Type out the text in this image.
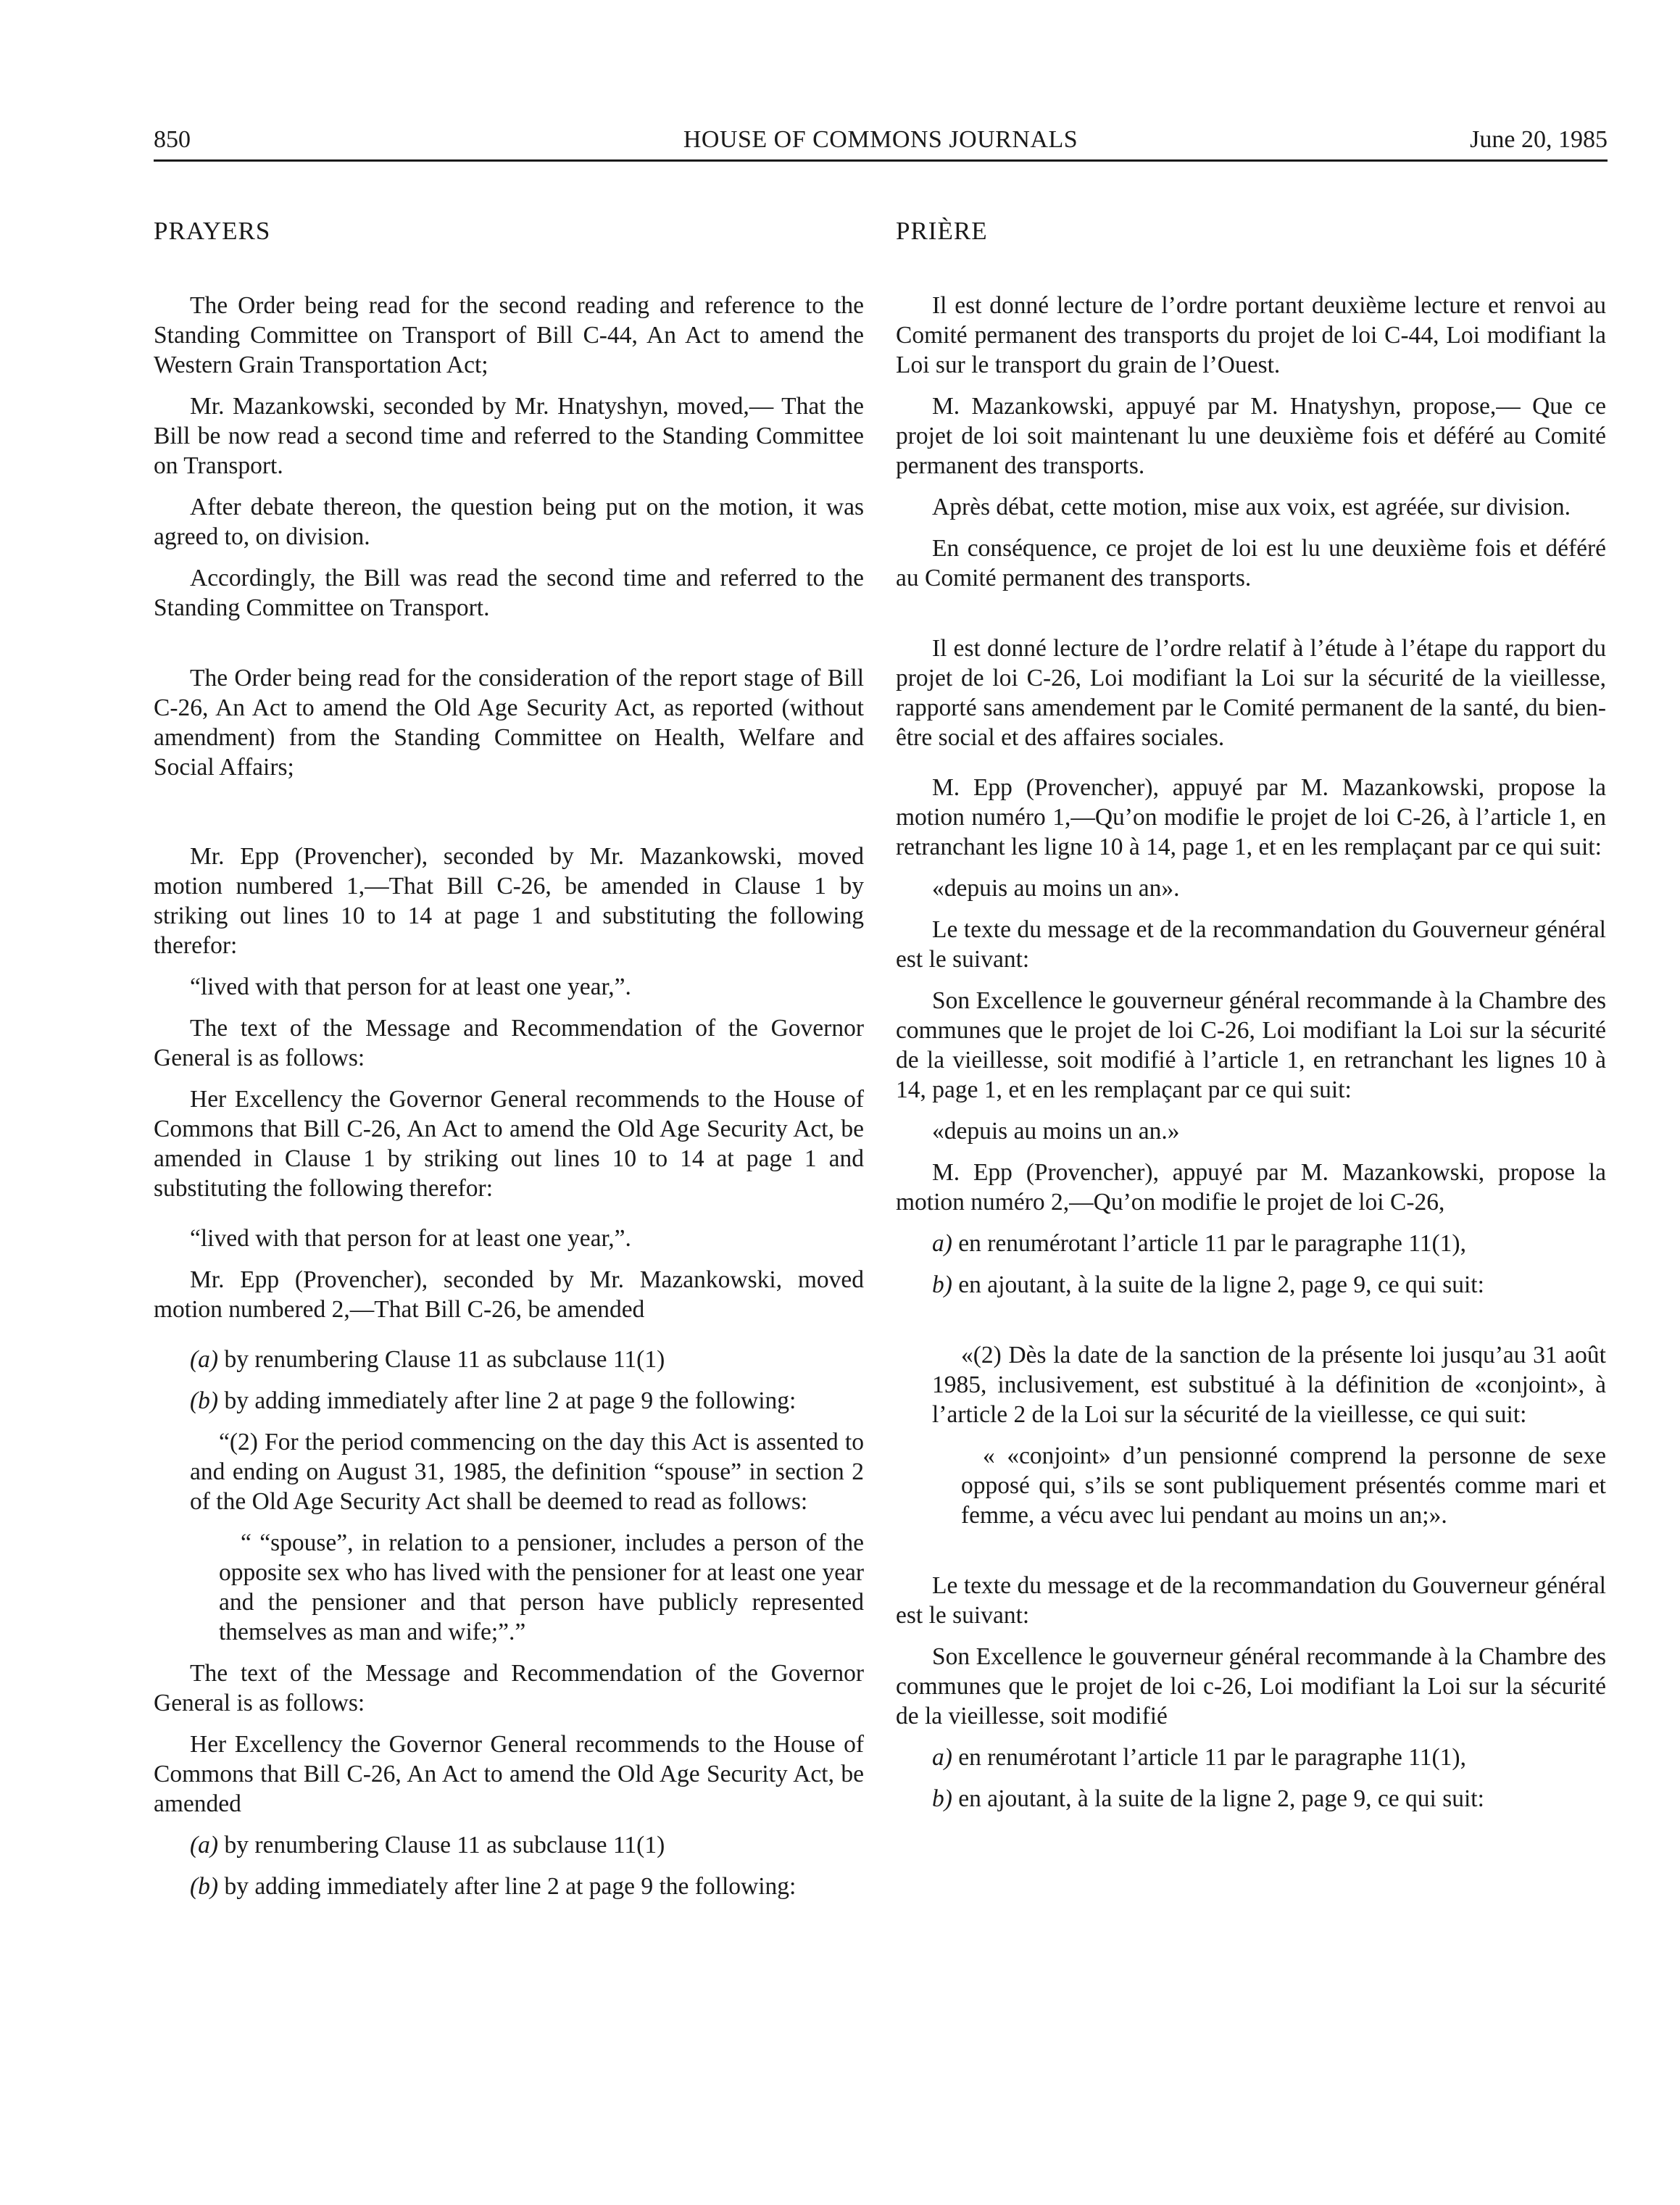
850	HOUSE OF COMMONS JOURNALS	June 20, 1985
PRAYERS

The Order being read for the second reading and reference to the Standing Committee on Transport of Bill C-44, An Act to amend the Western Grain Transportation Act;

Mr. Mazankowski, seconded by Mr. Hnatyshyn, moved,— That the Bill be now read a second time and referred to the Standing Committee on Transport.

After debate thereon, the question being put on the motion, it was agreed to, on division.

Accordingly, the Bill was read the second time and referred to the Standing Committee on Transport.

The Order being read for the consideration of the report stage of Bill C-26, An Act to amend the Old Age Security Act, as reported (without amendment) from the Standing Committee on Health, Welfare and Social Affairs;

Mr. Epp (Provencher), seconded by Mr. Mazankowski, moved motion numbered 1,—That Bill C-26, be amended in Clause 1 by striking out lines 10 to 14 at page 1 and substituting the following therefor:

“lived with that person for at least one year,”.

The text of the Message and Recommendation of the Governor General is as follows:

Her Excellency the Governor General recommends to the House of Commons that Bill C-26, An Act to amend the Old Age Security Act, be amended in Clause 1 by striking out lines 10 to 14 at page 1 and substituting the following therefor:

“lived with that person for at least one year,”.

Mr. Epp (Provencher), seconded by Mr. Mazankowski, moved motion numbered 2,—That Bill C-26, be amended

(a) by renumbering Clause 11 as subclause 11(1)

(b) by adding immediately after line 2 at page 9 the following:

“(2) For the period commencing on the day this Act is assented to and ending on August 31, 1985, the definition “spouse” in section 2 of the Old Age Security Act shall be deemed to read as follows:

“ “spouse”, in relation to a pensioner, includes a person of the opposite sex who has lived with the pensioner for at least one year and the pensioner and that person have publicly represented themselves as man and wife;”.”

The text of the Message and Recommendation of the Governor General is as follows:

Her Excellency the Governor General recommends to the House of Commons that Bill C-26, An Act to amend the Old Age Security Act, be amended

(a) by renumbering Clause 11 as subclause 11(1)

(b) by adding immediately after line 2 at page 9 the following:

PRIÈRE

Il est donné lecture de l’ordre portant deuxième lecture et renvoi au Comité permanent des transports du projet de loi C-44, Loi modifiant la Loi sur le transport du grain de l’Ouest.

M. Mazankowski, appuyé par M. Hnatyshyn, propose,— Que ce projet de loi soit maintenant lu une deuxième fois et déféré au Comité permanent des transports.

Après débat, cette motion, mise aux voix, est agréée, sur division.

En conséquence, ce projet de loi est lu une deuxième fois et déféré au Comité permanent des transports.

Il est donné lecture de l’ordre relatif à l’étude à l’étape du rapport du projet de loi C-26, Loi modifiant la Loi sur la sécurité de la vieillesse, rapporté sans amendement par le Comité permanent de la santé, du bien-être social et des affaires sociales.

M. Epp (Provencher), appuyé par M. Mazankowski, propose la motion numéro 1,—Qu’on modifie le projet de loi C-26, à l’article 1, en retranchant les ligne 10 à 14, page 1, et en les remplaçant par ce qui suit:

«depuis au moins un an».

Le texte du message et de la recommandation du Gouverneur général est le suivant:

Son Excellence le gouverneur général recommande à la Chambre des communes que le projet de loi C-26, Loi modifiant la Loi sur la sécurité de la vieillesse, soit modifié à l’article 1, en retranchant les lignes 10 à 14, page 1, et en les remplaçant par ce qui suit:

«depuis au moins un an.»

M. Epp (Provencher), appuyé par M. Mazankowski, propose la motion numéro 2,—Qu’on modifie le projet de loi C-26,

a) en renumérotant l’article 11 par le paragraphe 11(1),

b) en ajoutant, à la suite de la ligne 2, page 9, ce qui suit:

«(2) Dès la date de la sanction de la présente loi jusqu’au 31 août 1985, inclusivement, est substitué à la définition de «conjoint», à l’article 2 de la Loi sur la sécurité de la vieillesse, ce qui suit:

« «conjoint» d’un pensionné comprend la personne de sexe opposé qui, s’ils se sont publiquement présentés comme mari et femme, a vécu avec lui pendant au moins un an;».

Le texte du message et de la recommandation du Gouverneur général est le suivant:

Son Excellence le gouverneur général recommande à la Chambre des communes que le projet de loi c-26, Loi modifiant la Loi sur la sécurité de la vieillesse, soit modifié

a) en renumérotant l’article 11 par le paragraphe 11(1),

b) en ajoutant, à la suite de la ligne 2, page 9, ce qui suit:
